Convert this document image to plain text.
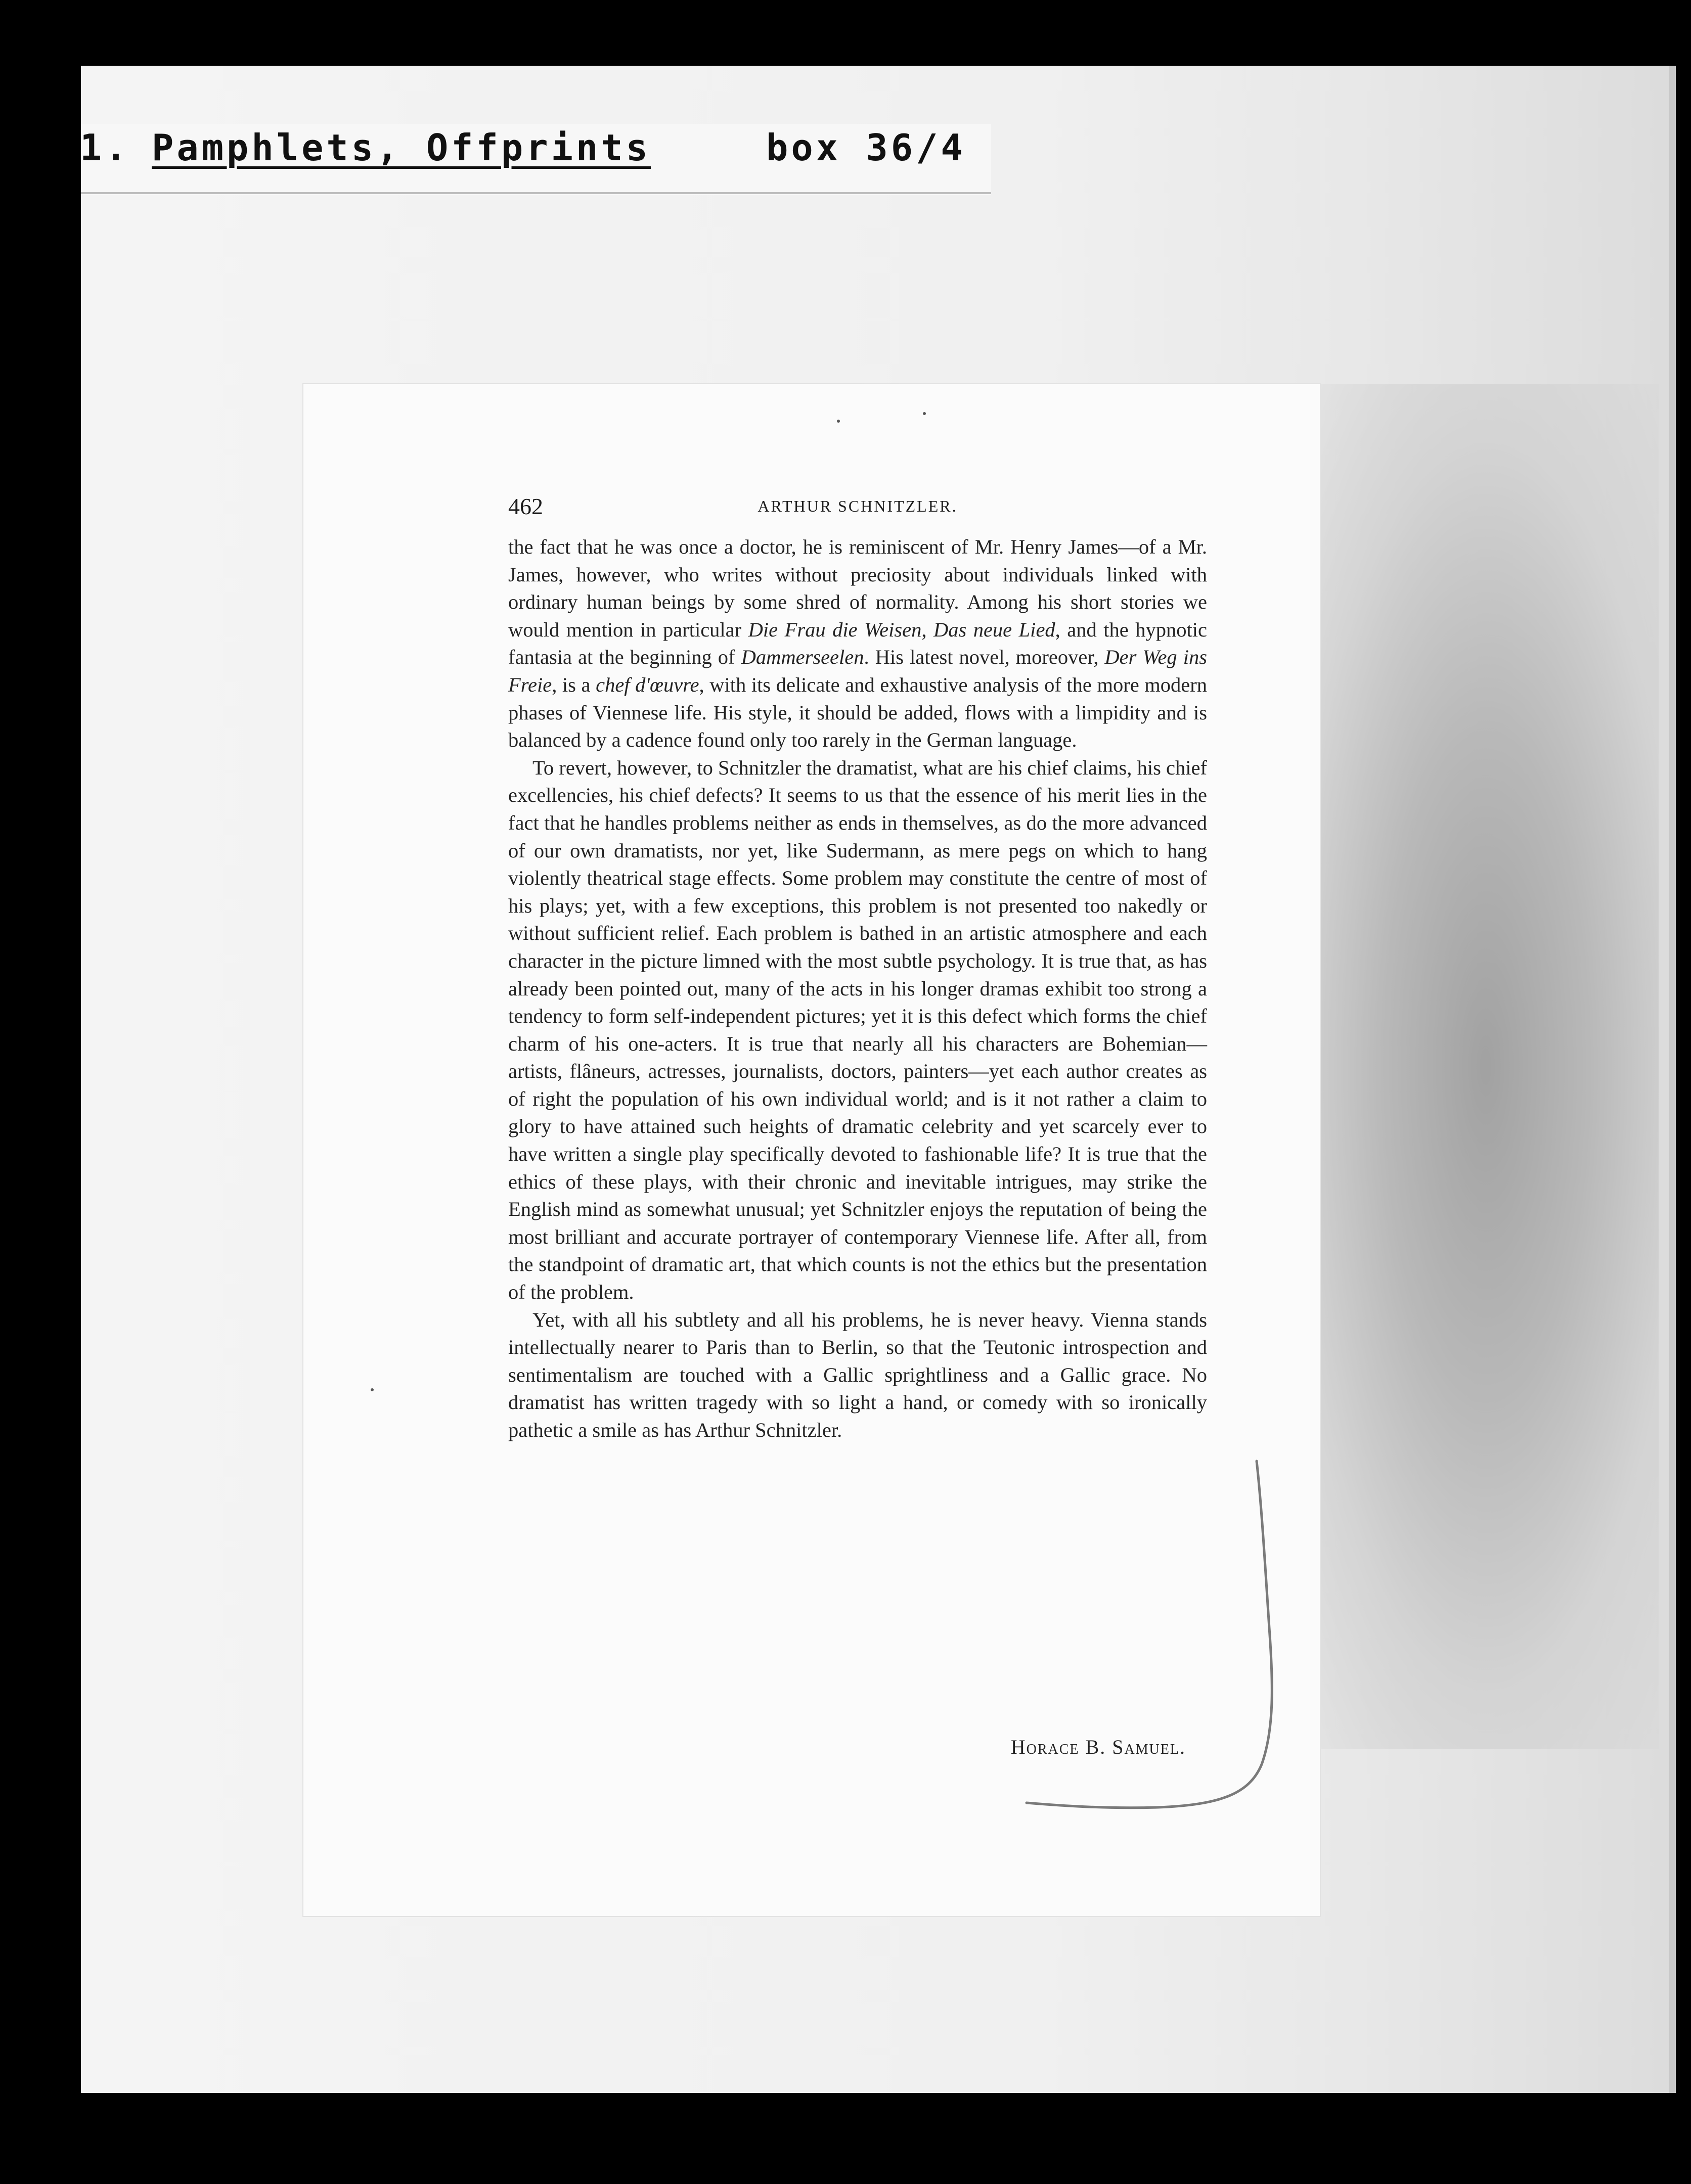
1. Pamphlets, Offprints	box 36/4
462	ARTHUR SCHNITZLER.

the fact that he was once a doctor, he is reminiscent of Mr. Henry James—of a Mr. James, however, who writes without preciosity about individuals linked with ordinary human beings by some shred of normality. Among his short stories we would mention in particular Die Frau die Weisen, Das neue Lied, and the hypnotic fantasia at the beginning of Dammerseelen. His latest novel, moreover, Der Weg ins Freie, is a chef d'œuvre, with its delicate and exhaustive analysis of the more modern phases of Viennese life. His style, it should be added, flows with a limpidity and is balanced by a cadence found only too rarely in the German language.

To revert, however, to Schnitzler the dramatist, what are his chief claims, his chief excellencies, his chief defects? It seems to us that the essence of his merit lies in the fact that he handles problems neither as ends in themselves, as do the more advanced of our own dramatists, nor yet, like Sudermann, as mere pegs on which to hang violently theatrical stage effects. Some problem may constitute the centre of most of his plays; yet, with a few exceptions, this problem is not presented too nakedly or without sufficient relief. Each problem is bathed in an artistic atmosphere and each character in the picture limned with the most subtle psychology. It is true that, as has already been pointed out, many of the acts in his longer dramas exhibit too strong a tendency to form self-independent pictures; yet it is this defect which forms the chief charm of his one-acters. It is true that nearly all his characters are Bohemian—artists, flâneurs, actresses, journalists, doctors, painters—yet each author creates as of right the population of his own individual world; and is it not rather a claim to glory to have attained such heights of dramatic celebrity and yet scarcely ever to have written a single play specifically devoted to fashionable life? It is true that the ethics of these plays, with their chronic and inevitable intrigues, may strike the English mind as somewhat unusual; yet Schnitzler enjoys the reputation of being the most brilliant and accurate portrayer of contemporary Viennese life. After all, from the standpoint of dramatic art, that which counts is not the ethics but the presentation of the problem.

Yet, with all his subtlety and all his problems, he is never heavy. Vienna stands intellectually nearer to Paris than to Berlin, so that the Teutonic introspection and sentimentalism are touched with a Gallic sprightliness and a Gallic grace. No dramatist has written tragedy with so light a hand, or comedy with so ironically pathetic a smile as has Arthur Schnitzler.

Horace B. Samuel.
